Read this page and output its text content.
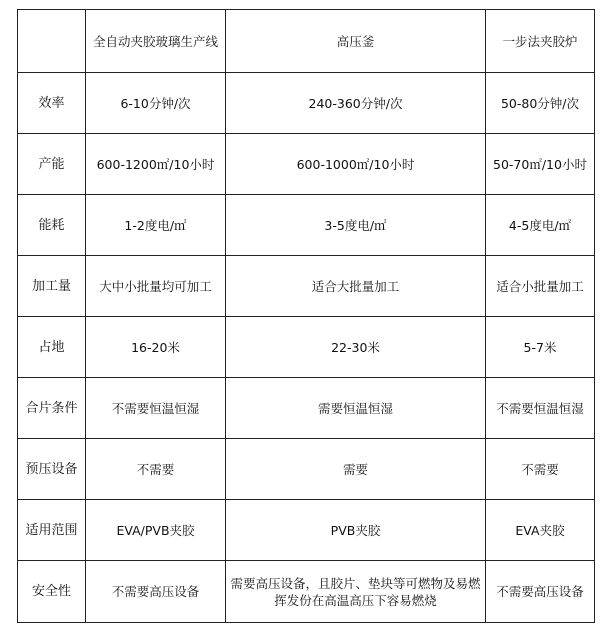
	全自动夹胶玻璃生产线	高压釜	一步法夹胶炉
效率	6-10分钟/次	240-360分钟/次	50-80分钟/次
产能	600-1200㎡/10小时	600-1000㎡/10小时	50-70㎡/10小时
能耗	1-2度电/㎡	3-5度电/㎡	4-5度电/㎡
加工量	大中小批量均可加工	适合大批量加工	适合小批量加工
占地	16-20米	22-30米	5-7米
合片条件	不需要恒温恒湿	需要恒温恒湿	不需要恒温恒湿
预压设备	不需要	需要	不需要
适用范围	EVA/PVB夹胶	PVB夹胶	EVA夹胶
安全性	不需要高压设备	需要高压设备，且胶片、垫块等可燃物及易燃挥发份在高温高压下容易燃烧	不需要高压设备
